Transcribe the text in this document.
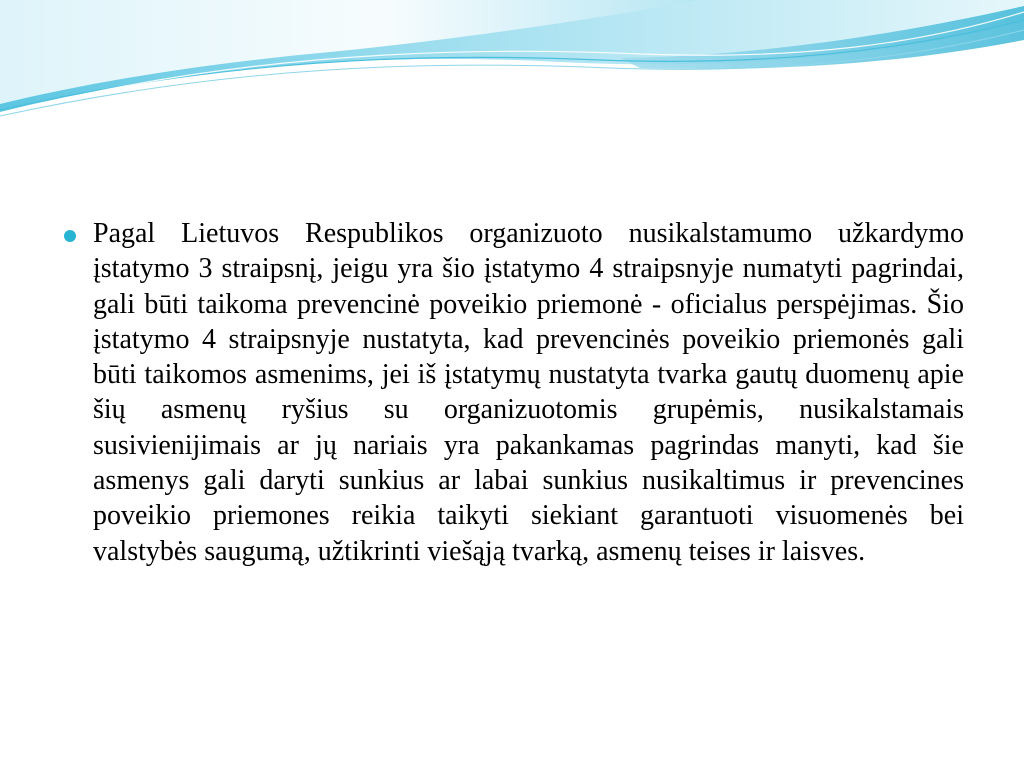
Pagal Lietuvos Respublikos organizuoto nusikalstamumo užkardymo įstatymo 3 straipsnį, jeigu yra šio įstatymo 4 straipsnyje numatyti pagrindai, gali būti taikoma prevencinė poveikio priemonė - oficialus perspėjimas. Šio įstatymo 4 straipsnyje nustatyta, kad prevencinės poveikio priemonės gali būti taikomos asmenims, jei iš įstatymų nustatyta tvarka gautų duomenų apie šių asmenų ryšius su organizuotomis grupėmis, nusikalstamais susivienijimais ar jų nariais yra pakankamas pagrindas manyti, kad šie asmenys gali daryti sunkius ar labai sunkius nusikaltimus ir prevencines poveikio priemones reikia taikyti siekiant garantuoti visuomenės bei valstybės saugumą, užtikrinti viešąją tvarką, asmenų teises ir laisves.
